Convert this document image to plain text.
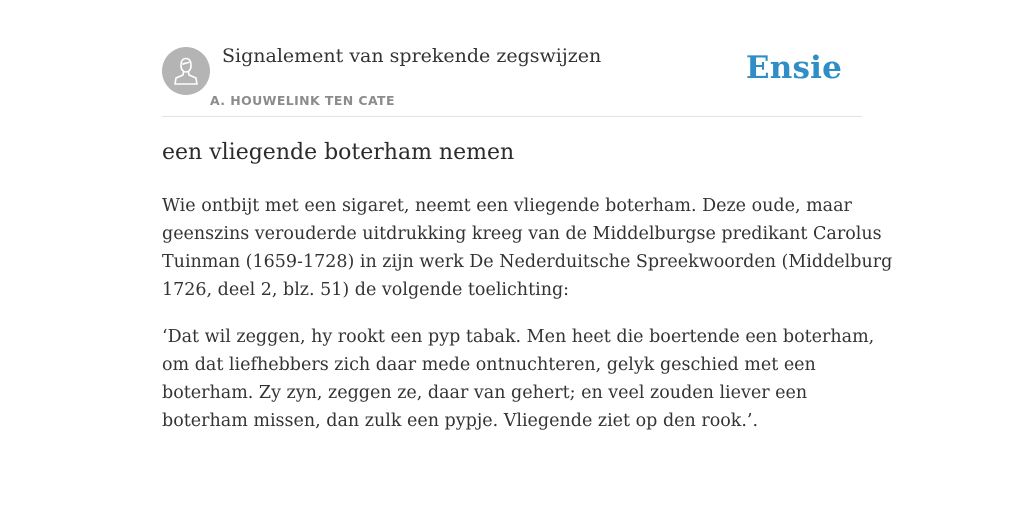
Signalement van sprekende zegswijzen
A. HOUWELINK TEN CATE
Ensie
een vliegende boterham nemen

Wie ontbijt met een sigaret, neemt een vliegende boterham. Deze oude, maar
geenszins verouderde uitdrukking kreeg van de Middelburgse predikant Carolus
Tuinman (1659-1728) in zijn werk De Nederduitsche Spreekwoorden (Middelburg
1726, deel 2, blz. 51) de volgende toelichting:

‘Dat wil zeggen, hy rookt een pyp tabak. Men heet die boertende een boterham,
om dat liefhebbers zich daar mede ontnuchteren, gelyk geschied met een
boterham. Zy zyn, zeggen ze, daar van gehert; en veel zouden liever een
boterham missen, dan zulk een pypje. Vliegende ziet op den rook.’.
